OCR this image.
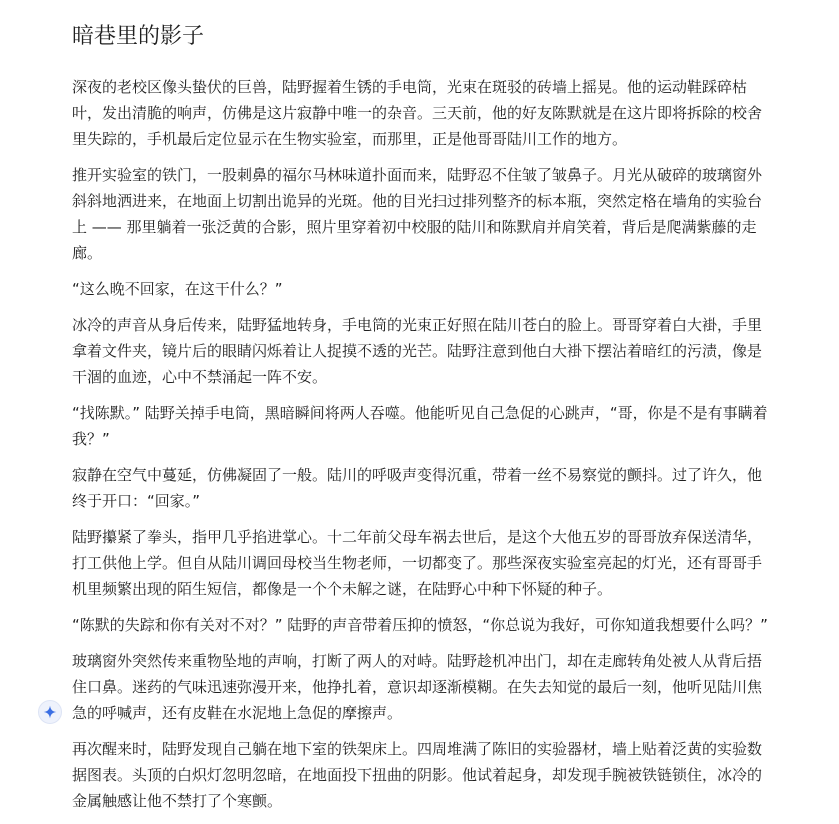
暗巷里的影子

深夜的老校区像头蛰伏的巨兽，陆野握着生锈的手电筒，光束在斑驳的砖墙上摇晃。他的运动鞋踩碎枯叶，发出清脆的响声，仿佛是这片寂静中唯一的杂音。三天前，他的好友陈默就是在这片即将拆除的校舍里失踪的，手机最后定位显示在生物实验室，而那里，正是他哥哥陆川工作的地方。

推开实验室的铁门，一股刺鼻的福尔马林味道扑面而来，陆野忍不住皱了皱鼻子。月光从破碎的玻璃窗外斜斜地洒进来，在地面上切割出诡异的光斑。他的目光扫过排列整齐的标本瓶，突然定格在墙角的实验台上 —— 那里躺着一张泛黄的合影，照片里穿着初中校服的陆川和陈默肩并肩笑着，背后是爬满紫藤的走廊。

“这么晚不回家，在这干什么？”

冰冷的声音从身后传来，陆野猛地转身，手电筒的光束正好照在陆川苍白的脸上。哥哥穿着白大褂，手里拿着文件夹，镜片后的眼睛闪烁着让人捉摸不透的光芒。陆野注意到他白大褂下摆沾着暗红的污渍，像是干涸的血迹，心中不禁涌起一阵不安。

“找陈默。” 陆野关掉手电筒，黑暗瞬间将两人吞噬。他能听见自己急促的心跳声，“哥，你是不是有事瞒着我？”

寂静在空气中蔓延，仿佛凝固了一般。陆川的呼吸声变得沉重，带着一丝不易察觉的颤抖。过了许久，他终于开口：“回家。”

陆野攥紧了拳头，指甲几乎掐进掌心。十二年前父母车祸去世后，是这个大他五岁的哥哥放弃保送清华，打工供他上学。但自从陆川调回母校当生物老师，一切都变了。那些深夜实验室亮起的灯光，还有哥哥手机里频繁出现的陌生短信，都像是一个个未解之谜，在陆野心中种下怀疑的种子。

“陈默的失踪和你有关对不对？” 陆野的声音带着压抑的愤怒，“你总说为我好，可你知道我想要什么吗？”

玻璃窗外突然传来重物坠地的声响，打断了两人的对峙。陆野趁机冲出门，却在走廊转角处被人从背后捂住口鼻。迷药的气味迅速弥漫开来，他挣扎着，意识却逐渐模糊。在失去知觉的最后一刻，他听见陆川焦急的呼喊声，还有皮鞋在水泥地上急促的摩擦声。

再次醒来时，陆野发现自己躺在地下室的铁架床上。四周堆满了陈旧的实验器材，墙上贴着泛黄的实验数据图表。头顶的白炽灯忽明忽暗，在地面投下扭曲的阴影。他试着起身，却发现手腕被铁链锁住，冰冷的金属触感让他不禁打了个寒颤。
